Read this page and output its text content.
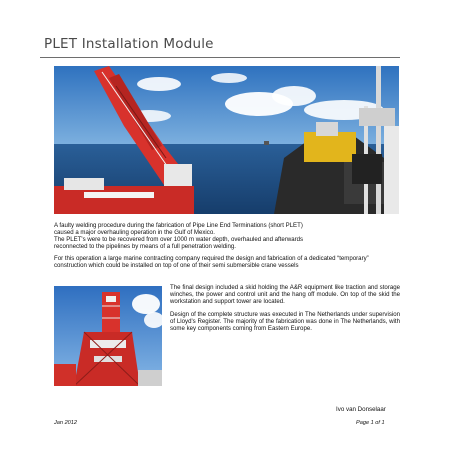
PLET Installation Module

A faulty welding procedure during the fabrication of Pipe Line End Terminations (short PLET)
caused a major overhauling operation in the Gulf of Mexico.
The PLET's were to be recovered from over 1000 m water depth, overhauled and afterwards
reconnected to the pipelines by means of a full penetration welding.

For this operation a large marine contracting company required the design and fabrication of a dedicated “temporary” construction which could be installed on top of one of their semi submersible crane vessels

The final design included a skid holding the A&R equipment like traction and storage winches, the power and control unit and the hang off module. On top of the skid the workstation and support tower are located.

Design of the complete structure was executed in The Netherlands under supervision of Lloyd's Register. The majority of the fabrication was done in The Netherlands, with some key components coming from Eastern Europe.

Ivo van Donselaar
Jan 2012	Page 1 of 1
